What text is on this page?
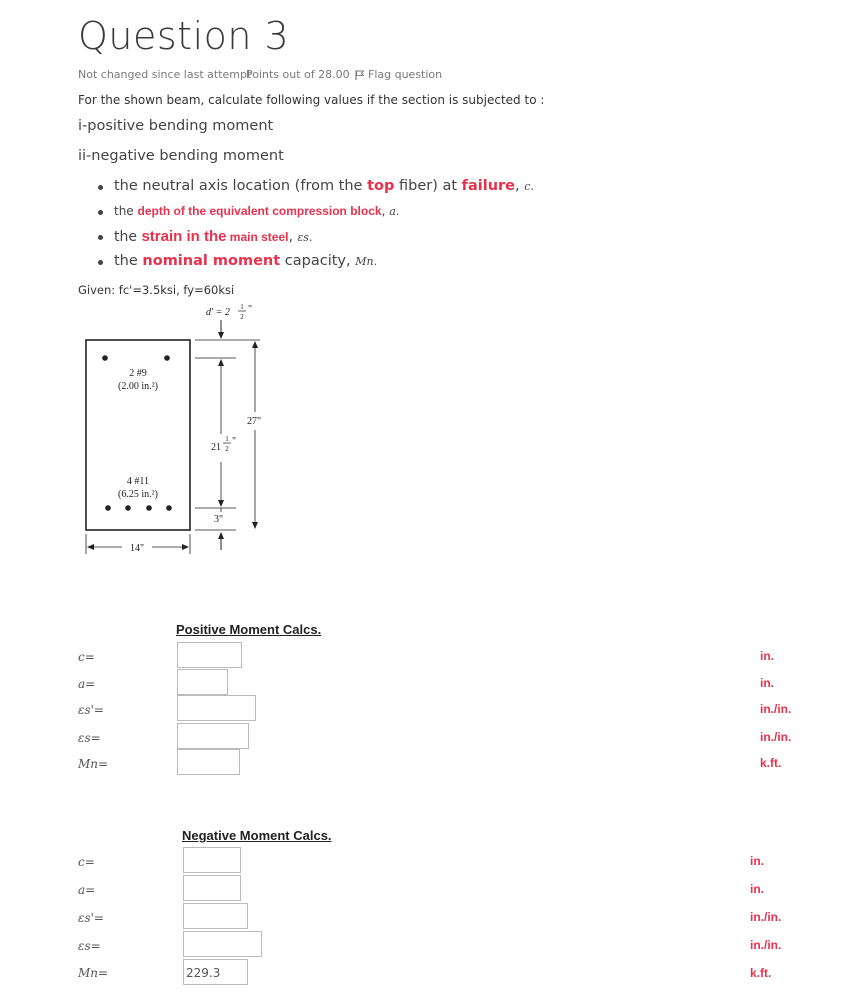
Question 3
Not changed since last attempt
Points out of 28.00 Flag question
For the shown beam, calculate following values if the section is subjected to :
i-positive bending moment
ii-negative bending moment
the neutral axis location (from the top fiber) at failure, c.
the depth of the equivalent compression block, a.
the strain in the main steel, εs.
the nominal moment capacity, Mn.
Given: fc'=3.5ksi, fy=60ksi
d' = 2 1
2
"
2 #9
(2.00 in.²)
4 #11
(6.25 in.²)
21
1
2
"
27"
3"
14"
Positive Moment Calcs.
c=	in.
a=	in.
εs'=	in./in.
εs=	in./in.
Mn=	k.ft.
Negative Moment Calcs.
c=	in.
a=	in.
εs'=	in./in.
εs=	in./in.
Mn=	229.3	k.ft.
